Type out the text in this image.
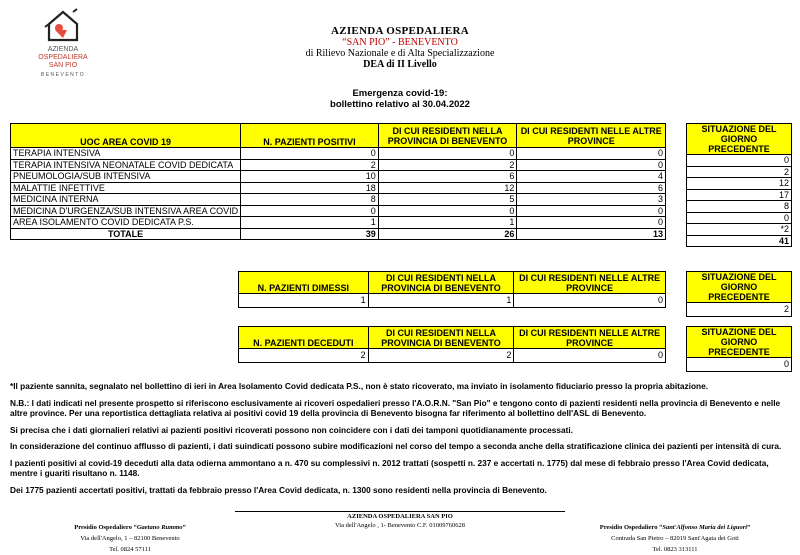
AZIENDA
OSPEDALIERA
SAN PIO
BENEVENTO
AZIENDA OSPEDALIERA
“SAN PIO” - BENEVENTO
di Rilievo Nazionale e di Alta Specializzazione
DEA di II Livello
Emergenza covid-19:
bollettino relativo al 30.04.2022
UOC AREA COVID 19	N. PAZIENTI POSITIVI	DI CUI RESIDENTI NELLA PROVINCIA DI BENEVENTO	DI CUI RESIDENTI NELLE ALTRE PROVINCE
TERAPIA INTENSIVA	0	0	0
TERAPIA INTENSIVA NEONATALE COVID DEDICATA	2	2	0
PNEUMOLOGIA/SUB INTENSIVA	10	6	4
MALATTIE INFETTIVE	18	12	6
MEDICINA INTERNA	8	5	3
MEDICINA D'URGENZA/SUB INTENSIVA AREA COVID	0	0	0
AREA ISOLAMENTO COVID DEDICATA P.S.	1	1	0
TOTALE	39	26	13
SITUAZIONE DEL GIORNO PRECEDENTE
0
2
12
17
8
0
*2
41
N. PAZIENTI DIMESSI	DI CUI RESIDENTI NELLA PROVINCIA DI BENEVENTO	DI CUI RESIDENTI NELLE ALTRE PROVINCE
1	1	0
SITUAZIONE DEL GIORNO PRECEDENTE
2
N. PAZIENTI DECEDUTI	DI CUI RESIDENTI NELLA PROVINCIA DI BENEVENTO	DI CUI RESIDENTI NELLE ALTRE PROVINCE
2	2	0
SITUAZIONE DEL GIORNO PRECEDENTE
0

*Il paziente sannita, segnalato nel bollettino di ieri in Area Isolamento Covid dedicata P.S., non è stato ricoverato, ma inviato in isolamento fiduciario presso la propria abitazione.

N.B.: I dati indicati nel presente prospetto si riferiscono esclusivamente ai ricoveri ospedalieri presso l'A.O.R.N. "San Pio" e tengono conto di pazienti residenti nella provincia di Benevento e nelle altre province. Per una reportistica dettagliata relativa ai positivi covid 19 della provincia di Benevento bisogna far riferimento al bollettino dell'ASL di Benevento.

Si precisa che i dati giornalieri relativi ai pazienti positivi ricoverati possono non coincidere con i dati dei tamponi quotidianamente processati.

In considerazione del continuo afflusso di pazienti, i dati suindicati possono subire modificazioni nel corso del tempo a seconda anche della stratificazione clinica dei pazienti per intensità di cura.

I pazienti positivi al covid-19 deceduti alla data odierna ammontano a n. 470 su complessivi n. 2012 trattati (sospetti n. 237 e accertati n. 1775) dal mese di febbraio presso l'Area Covid dedicata, mentre i guariti risultano n. 1148.

Dei 1775 pazienti accertati positivi, trattati da febbraio presso l'Area Covid dedicata, n. 1300 sono residenti nella provincia di Benevento.

AZIENDA OSPEDALIERA SAN PIO
Via dell'Angelo , 1- Benevento C.F. 01009760628
Presidio Ospedaliero “Gaetano Rummo”
Via dell'Angelo, 1 – 82100 Benevento
Tel. 0824 57111
Presidio Ospedaliero “Sant'Alfonso Maria dei Liguori”
Contrada San Pietro – 82019 Sant'Agata dei Goti
Tel. 0823 313111
